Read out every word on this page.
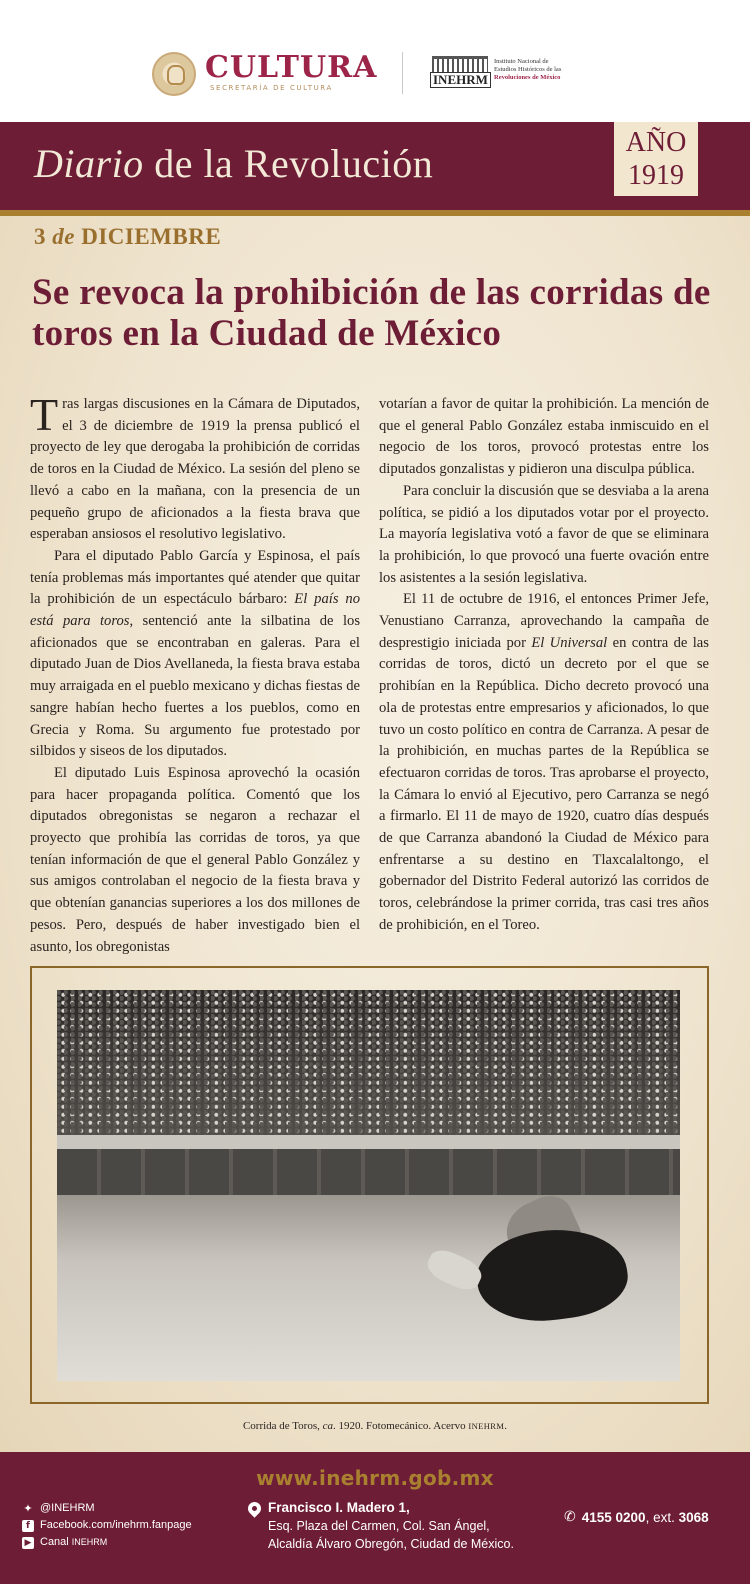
CULTURA
SECRETARÍA DE CULTURA
INEHRM
Instituto Nacional de
Estudios Históricos de las
Revoluciones de México
Diario de la Revolución	AÑO
1919
3 de DICIEMBRE
Se revoca la prohibición de las corridas de toros en la Ciudad de México

Tras largas discusiones en la Cámara de Diputados, el 3 de diciembre de 1919 la prensa publicó el proyecto de ley que derogaba la prohibición de corridas de toros en la Ciudad de México. La sesión del pleno se llevó a cabo en la mañana, con la presencia de un pequeño grupo de aficionados a la fiesta brava que esperaban ansiosos el resolutivo legislativo.

Para el diputado Pablo García y Espinosa, el país tenía problemas más importantes qué atender que quitar la prohibición de un espectáculo bárbaro: El país no está para toros, sentenció ante la silbatina de los aficionados que se encontraban en galeras. Para el diputado Juan de Dios Avellaneda, la fiesta brava estaba muy arraigada en el pueblo mexicano y dichas fiestas de sangre habían hecho fuertes a los pueblos, como en Grecia y Roma. Su argumento fue protestado por silbidos y siseos de los diputados.

El diputado Luis Espinosa aprovechó la ocasión para hacer propaganda política. Comentó que los diputados obregonistas se negaron a rechazar el proyecto que prohibía las corridas de toros, ya que tenían información de que el general Pablo González y sus amigos controlaban el negocio de la fiesta brava y que obtenían ganancias superiores a los dos millones de pesos. Pero, después de haber investigado bien el asunto, los obregonistas

votarían a favor de quitar la prohibición. La mención de que el general Pablo González estaba inmiscuido en el negocio de los toros, provocó protestas entre los diputados gonzalistas y pidieron una disculpa pública.

Para concluir la discusión que se desviaba a la arena política, se pidió a los diputados votar por el proyecto. La mayoría legislativa votó a favor de que se eliminara la prohibición, lo que provocó una fuerte ovación entre los asistentes a la sesión legislativa.

El 11 de octubre de 1916, el entonces Primer Jefe, Venustiano Carranza, aprovechando la campaña de desprestigio iniciada por El Universal en contra de las corridas de toros, dictó un decreto por el que se prohibían en la República. Dicho decreto provocó una ola de protestas entre empresarios y aficionados, lo que tuvo un costo político en contra de Carranza. A pesar de la prohibición, en muchas partes de la República se efectuaron corridas de toros. Tras aprobarse el proyecto, la Cámara lo envió al Ejecutivo, pero Carranza se negó a firmarlo. El 11 de mayo de 1920, cuatro días después de que Carranza abandonó la Ciudad de México para enfrentarse a su destino en Tlaxcalaltongo, el gobernador del Distrito Federal autorizó las corridos de toros, celebrándose la primer corrida, tras casi tres años de prohibición, en el Toreo.

Corrida de Toros, ca. 1920. Fotomecánico. Acervo INEHRM.
www.inehrm.gob.mx
✦ @INEHRM
f Facebook.com/inehrm.fanpage
▶ Canal INEHRM
Francisco I. Madero 1,
Esq. Plaza del Carmen, Col. San Ángel,
Alcaldía Álvaro Obregón, Ciudad de México.
✆ 4155 0200, ext. 3068
